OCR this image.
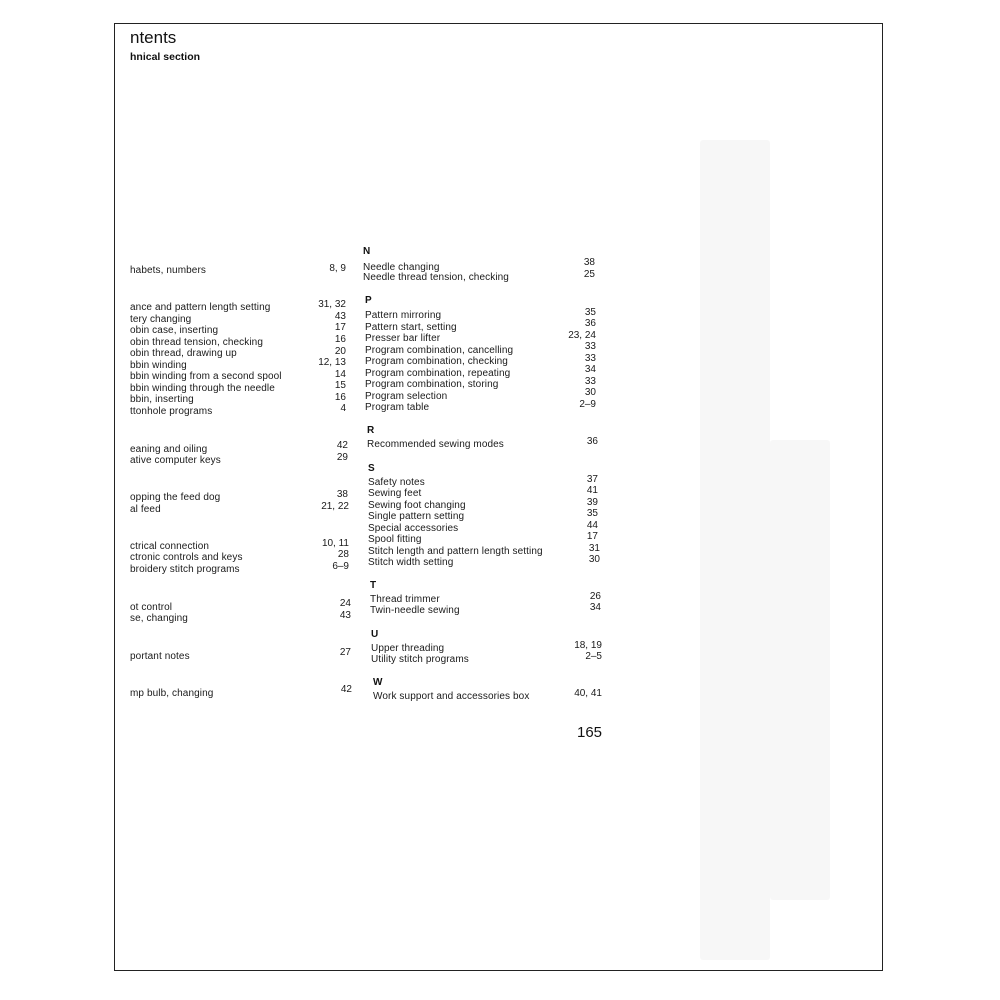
ntents
hnical section
habets, numbers	8, 9
ance and pattern length setting	31, 32
tery changing	43
obin case, inserting	17
obin thread tension, checking	16
obin thread, drawing up	20
bbin winding	12, 13
bbin winding from a second spool	14
bbin winding through the needle	15
bbin, inserting	16
ttonhole programs	4
eaning and oiling	42
ative computer keys	29
opping the feed dog	38
al feed	21, 22
ctrical connection	10, 11
ctronic controls and keys	28
broidery stitch programs	6–9
ot control	24
se, changing	43
portant notes	27
mp bulb, changing	42
N
Needle changing	38
Needle thread tension, checking	25
P
Pattern mirroring	35
Pattern start, setting	36
Presser bar lifter	23, 24
Program combination, cancelling	33
Program combination, checking	33
Program combination, repeating	34
Program combination, storing	33
Program selection	30
Program table	2–9
R
Recommended sewing modes	36
S
Safety notes	37
Sewing feet	41
Sewing foot changing	39
Single pattern setting	35
Special accessories	44
Spool fitting	17
Stitch length and pattern length setting	31
Stitch width setting	30
T
Thread trimmer	26
Twin-needle sewing	34
U
Upper threading	18, 19
Utility stitch programs	2–5
W
Work support and accessories box	40, 41
165
